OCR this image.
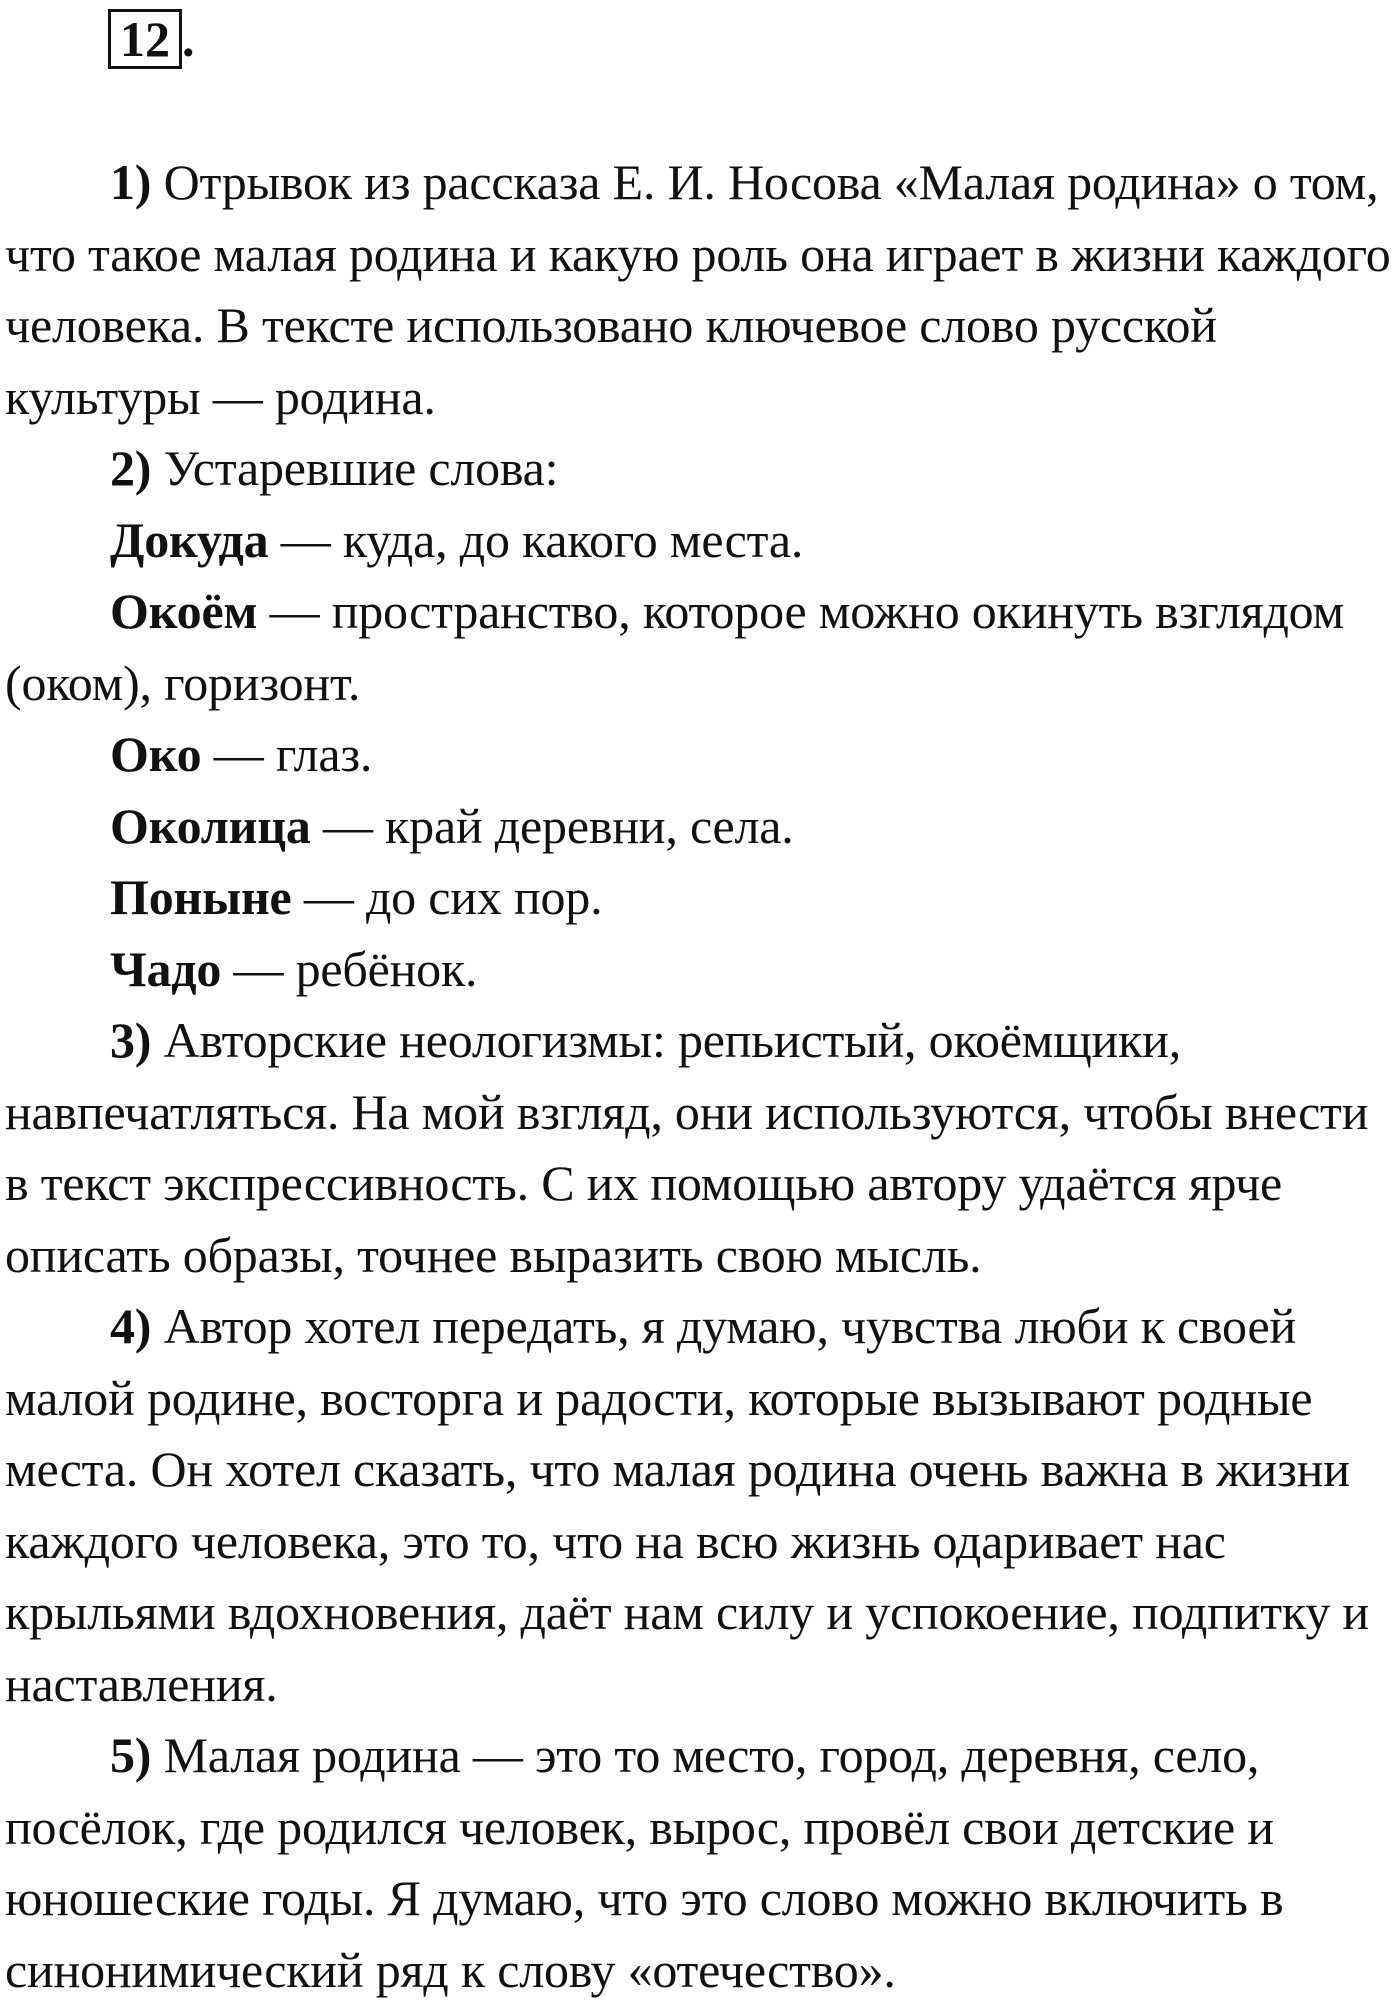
12 .

1) Отрывок из рассказа Е. И. Носова «Малая родина» о том, что такое малая родина и какую роль она играет в жизни каждого человека. В тексте использовано ключевое слово русской культуры — родина.

2) Устаревшие слова:

Докуда — куда, до какого места.

Окоём — пространство, которое можно окинуть взглядом (оком), горизонт.

Око — глаз.

Околица — край деревни, села.

Поныне — до сих пор.

Чадо — ребёнок.

3) Авторские неологизмы: репьистый, окоёмщики, навпечатляться. На мой взгляд, они используются, чтобы внести в текст экспрессивность. С их помощью автору удаётся ярче описать образы, точнее выразить свою мысль.

4) Автор хотел передать, я думаю, чувства люби к своей малой родине, восторга и радости, которые вызывают родные места. Он хотел сказать, что малая родина очень важна в жизни каждого человека, это то, что на всю жизнь одаривает нас крыльями вдохновения, даёт нам силу и успокоение, подпитку и наставления.

5) Малая родина — это то место, город, деревня, село, посёлок, где родился человек, вырос, провёл свои детские и юношеские годы. Я думаю, что это слово можно включить в синонимический ряд к слову «отечество».
